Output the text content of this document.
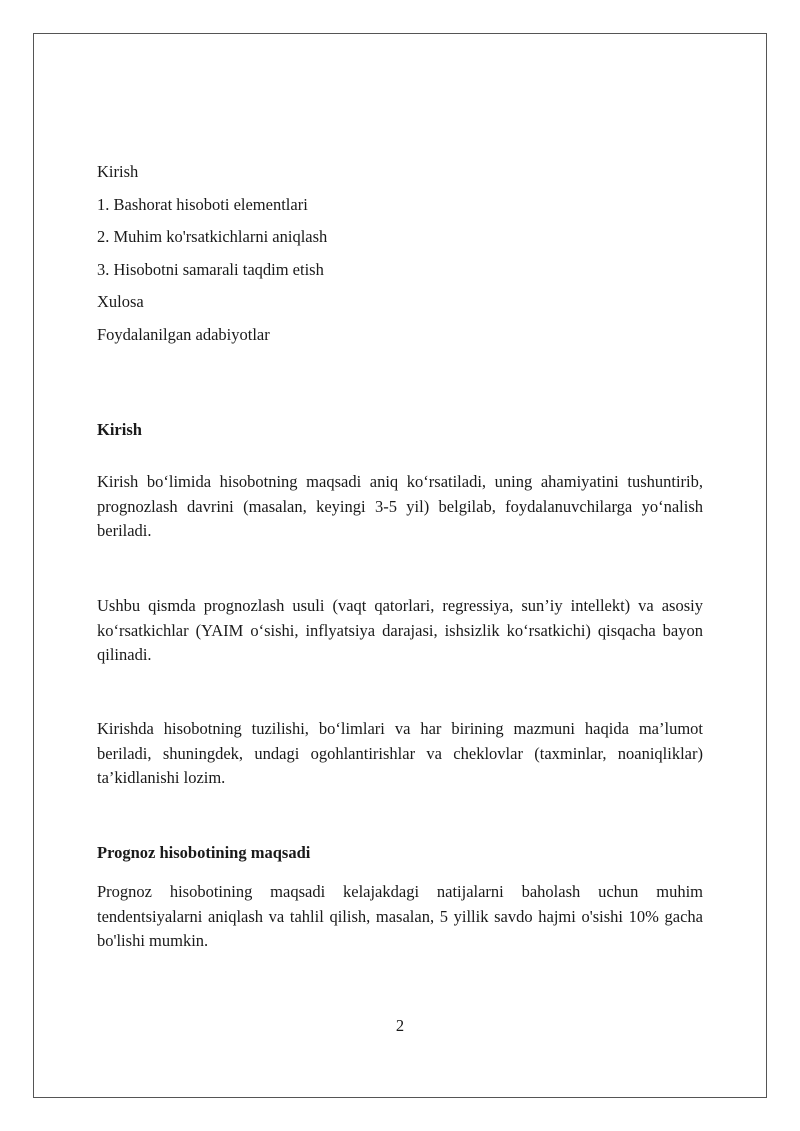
Kirish
1. Bashorat hisoboti elementlari
2. Muhim ko'rsatkichlarni aniqlash
3. Hisobotni samarali taqdim etish
Xulosa
Foydalanilgan adabiyotlar
Kirish

Kirish bo‘limida hisobotning maqsadi aniq ko‘rsatiladi, uning ahamiyatini tushuntirib, prognozlash davrini (masalan, keyingi 3-5 yil) belgilab, foydalanuvchilarga yo‘nalish beriladi.

Ushbu qismda prognozlash usuli (vaqt qatorlari, regressiya, sun’iy intellekt) va asosiy ko‘rsatkichlar (YAIM o‘sishi, inflyatsiya darajasi, ishsizlik ko‘rsatkichi) qisqacha bayon qilinadi.

Kirishda hisobotning tuzilishi, bo‘limlari va har birining mazmuni haqida ma’lumot beriladi, shuningdek, undagi ogohlantirishlar va cheklovlar (taxminlar, noaniqliklar) ta’kidlanishi lozim.

Prognoz hisobotining maqsadi

Prognoz hisobotining maqsadi kelajakdagi natijalarni baholash uchun muhim tendentsiyalarni aniqlash va tahlil qilish, masalan, 5 yillik savdo hajmi o'sishi 10% gacha bo'lishi mumkin.

2
